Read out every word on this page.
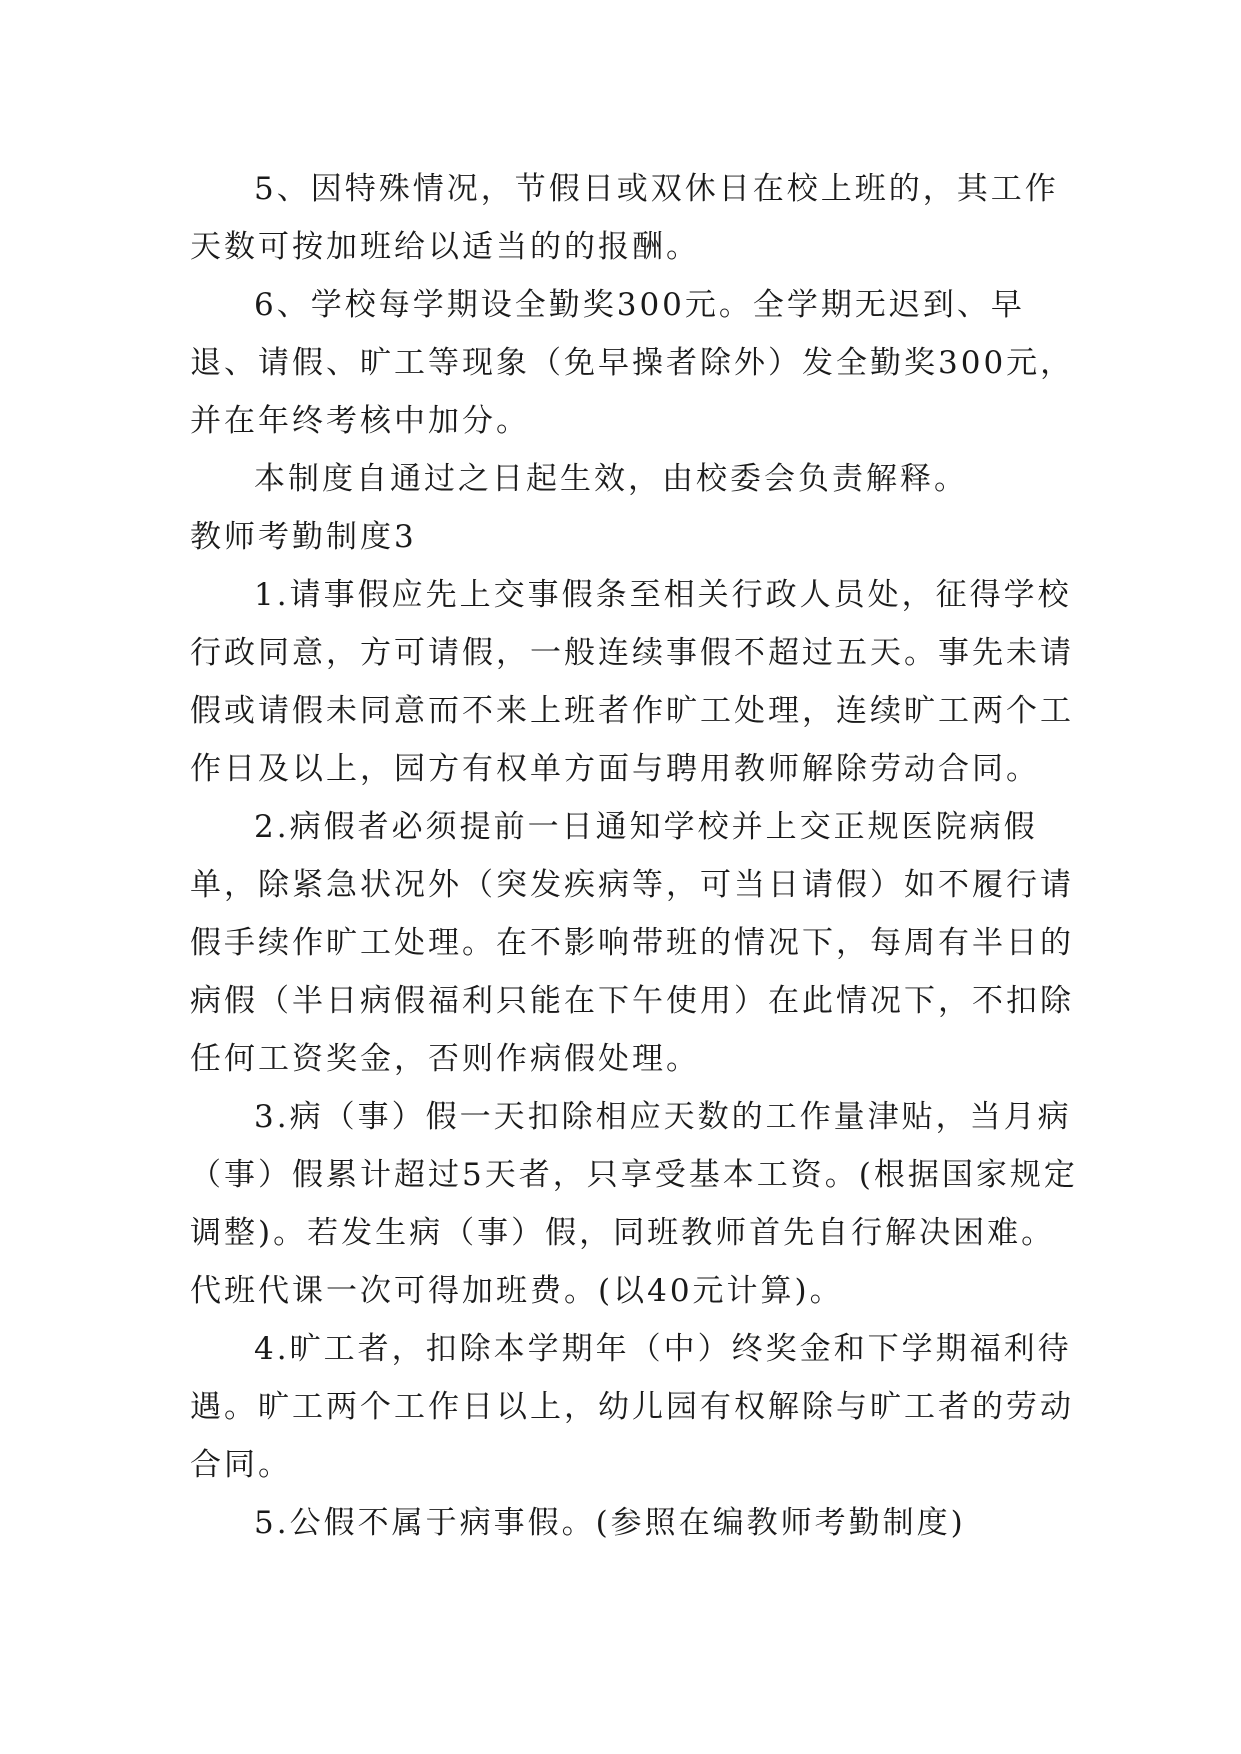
5、因特殊情况，节假日或双休日在校上班的，其工作天数可按加班给以适当的的报酬。

6、学校每学期设全勤奖300元。全学期无迟到、早退、请假、旷工等现象（免早操者除外）发全勤奖300元，并在年终考核中加分。

本制度自通过之日起生效，由校委会负责解释。

教师考勤制度3

1.请事假应先上交事假条至相关行政人员处，征得学校行政同意，方可请假，一般连续事假不超过五天。事先未请假或请假未同意而不来上班者作旷工处理，连续旷工两个工作日及以上，园方有权单方面与聘用教师解除劳动合同。

2.病假者必须提前一日通知学校并上交正规医院病假单，除紧急状况外（突发疾病等，可当日请假）如不履行请假手续作旷工处理。在不影响带班的情况下，每周有半日的病假（半日病假福利只能在下午使用）在此情况下，不扣除任何工资奖金，否则作病假处理。

3.病（事）假一天扣除相应天数的工作量津贴，当月病（事）假累计超过5天者，只享受基本工资。(根据国家规定调整)。若发生病（事）假，同班教师首先自行解决困难。代班代课一次可得加班费。(以40元计算)。

4.旷工者，扣除本学期年（中）终奖金和下学期福利待遇。旷工两个工作日以上，幼儿园有权解除与旷工者的劳动合同。

5.公假不属于病事假。(参照在编教师考勤制度)
